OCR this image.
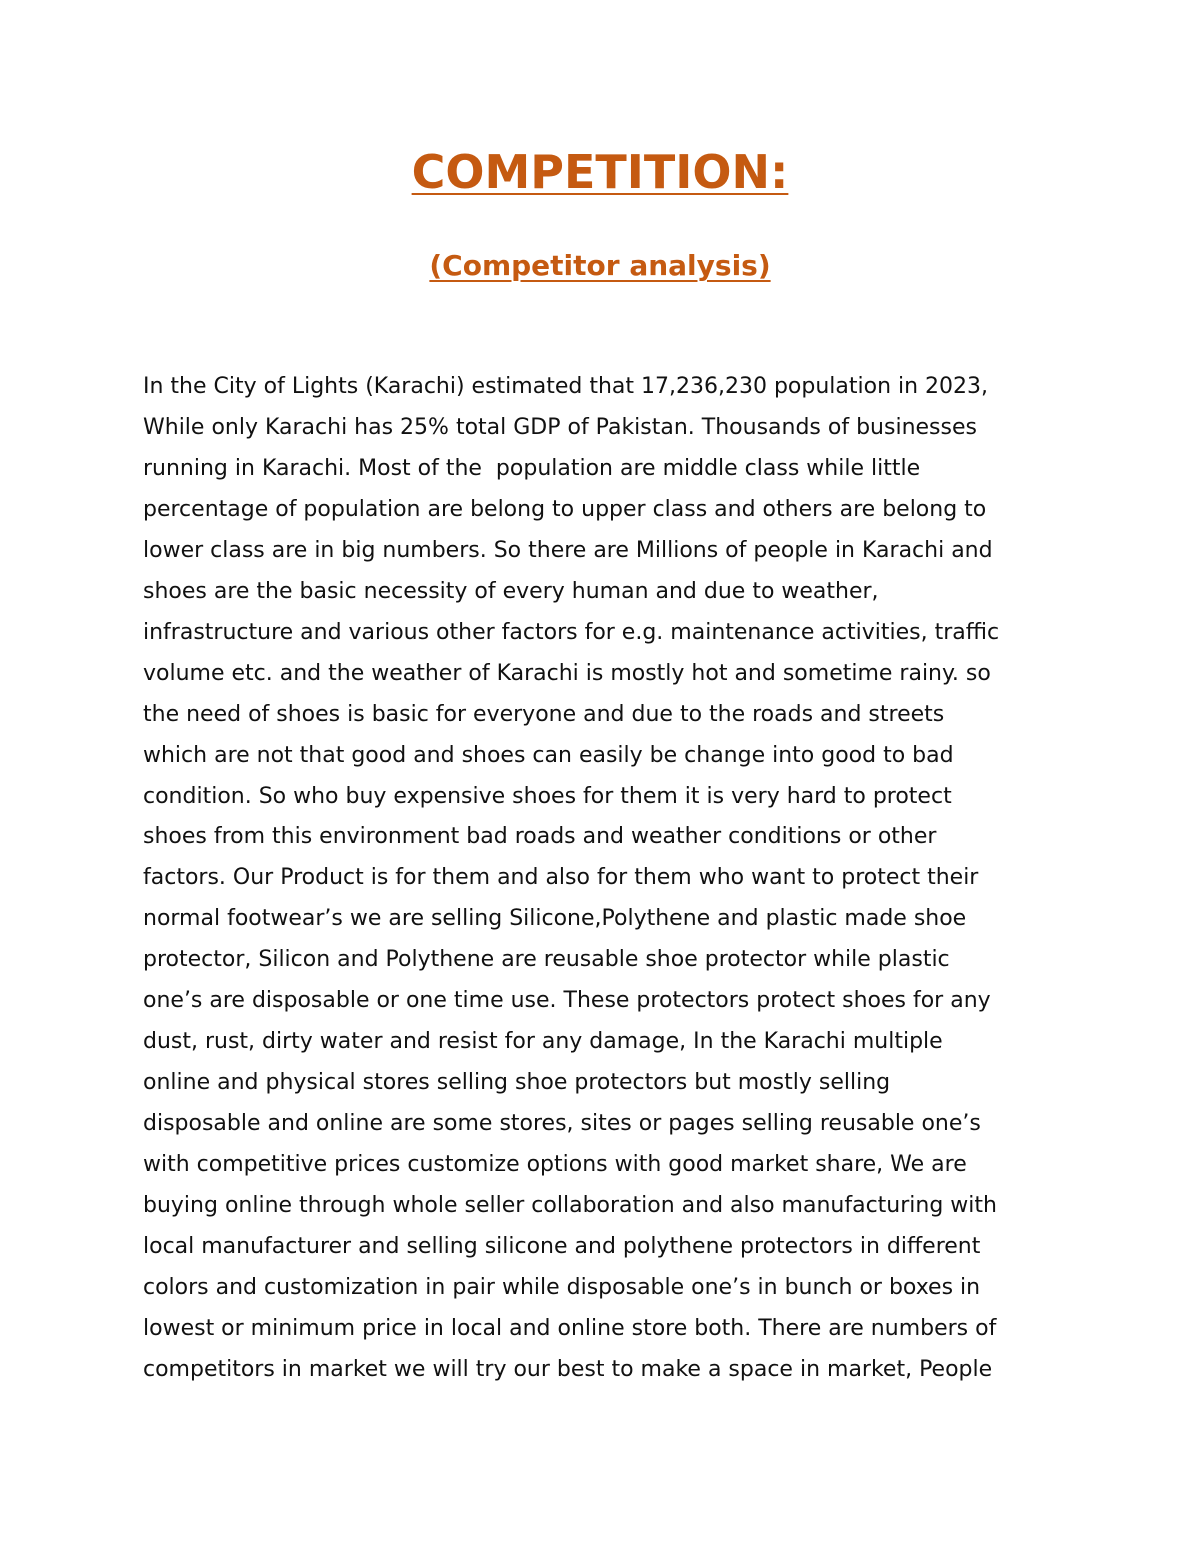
COMPETITION:
(Competitor analysis)
In the City of Lights (Karachi) estimated that 17,236,230 population in 2023,
While only Karachi has 25% total GDP of Pakistan. Thousands of businesses
running in Karachi. Most of the  population are middle class while little
percentage of population are belong to upper class and others are belong to
lower class are in big numbers. So there are Millions of people in Karachi and
shoes are the basic necessity of every human and due to weather,
infrastructure and various other factors for e.g. maintenance activities, traffic
volume etc. and the weather of Karachi is mostly hot and sometime rainy. so
the need of shoes is basic for everyone and due to the roads and streets
which are not that good and shoes can easily be change into good to bad
condition. So who buy expensive shoes for them it is very hard to protect
shoes from this environment bad roads and weather conditions or other
factors. Our Product is for them and also for them who want to protect their
normal footwear’s we are selling Silicone,Polythene and plastic made shoe
protector, Silicon and Polythene are reusable shoe protector while plastic
one’s are disposable or one time use. These protectors protect shoes for any
dust, rust, dirty water and resist for any damage, In the Karachi multiple
online and physical stores selling shoe protectors but mostly selling
disposable and online are some stores, sites or pages selling reusable one’s
with competitive prices customize options with good market share, We are
buying online through whole seller collaboration and also manufacturing with
local manufacturer and selling silicone and polythene protectors in different
colors and customization in pair while disposable one’s in bunch or boxes in
lowest or minimum price in local and online store both. There are numbers of
competitors in market we will try our best to make a space in market, People
